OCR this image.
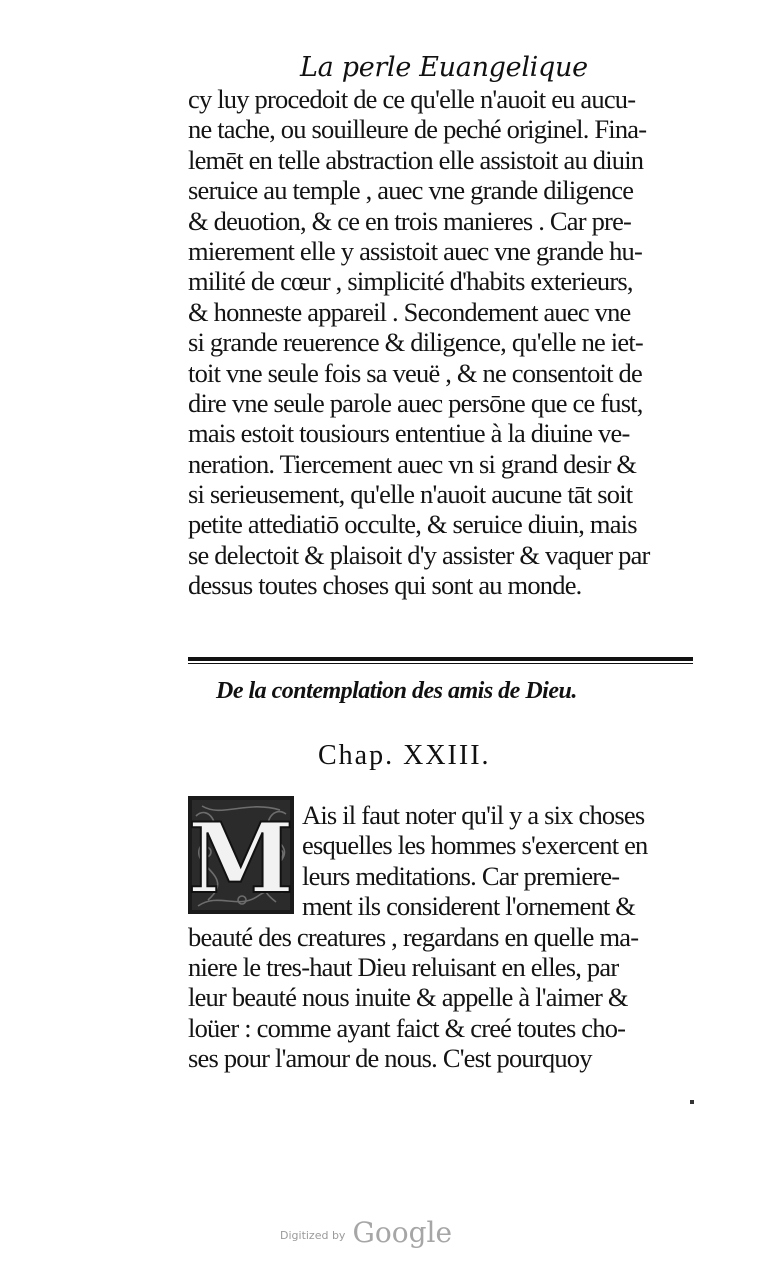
La perle Euangelique
cy luy procedoit de ce qu'elle n'auoit eu aucu-
ne tache, ou souilleure de peché originel. Fina-
lemēt en telle abstraction elle assistoit au diuin
seruice au temple , auec vne grande diligence
& deuotion, & ce en trois manieres . Car pre-
mierement elle y assistoit auec vne grande hu-
milité de cœur , simplicité d'habits exterieurs,
& honneste appareil . Secondement auec vne
si grande reuerence & diligence, qu'elle ne iet-
toit vne seule fois sa veuë , & ne consentoit de
dire vne seule parole auec persōne que ce fust,
mais estoit tousiours ententiue à la diuine ve-
neration. Tiercement auec vn si grand desir &
si serieusement, qu'elle n'auoit aucune tāt soit
petite attediatiō occulte, & seruice diuin, mais
se delectoit & plaisoit d'y assister & vaquer par
dessus toutes choses qui sont au monde.
De la contemplation des amis de Dieu.
Chap. XXIII.
M Ais il faut noter qu'il y a six choses
esquelles les hommes s'exercent en
leurs meditations. Car premiere-
ment ils considerent l'ornement &
beauté des creatures , regardans en quelle ma-
niere le tres-haut Dieu reluisant en elles, par
leur beauté nous inuite & appelle à l'aimer &
loüer : comme ayant faict & creé toutes cho-
ses pour l'amour de nous. C'est pourquoy
Digitized by Google
